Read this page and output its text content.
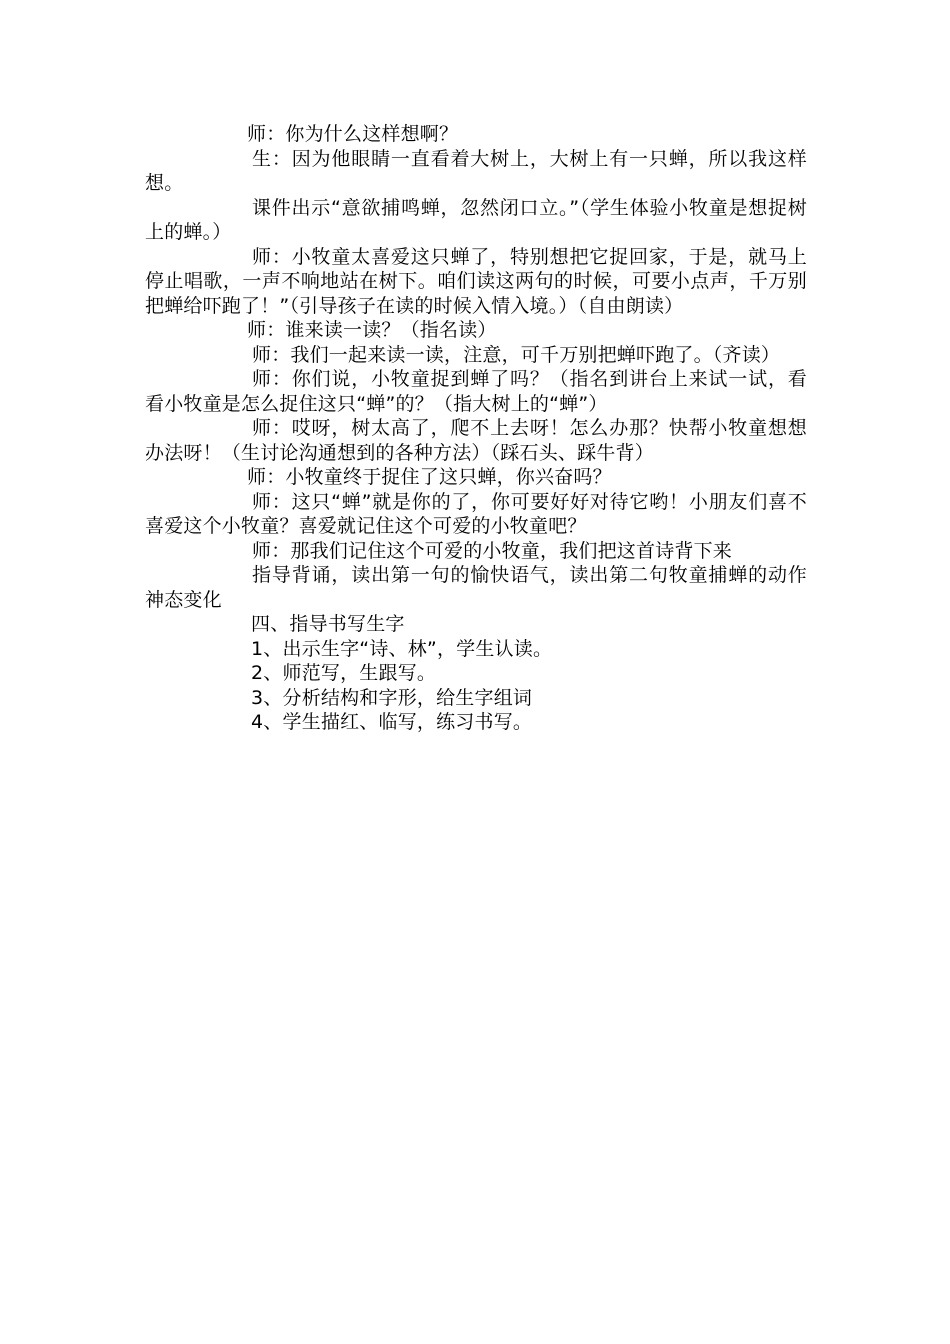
师：你为什么这样想啊？

生：因为他眼睛一直看着大树上，大树上有一只蝉，所以我这样想。

课件出示“意欲捕鸣蝉，忽然闭口立。”（学生体验小牧童是想捉树上的蝉。）

师：小牧童太喜爱这只蝉了，特别想把它捉回家，于是，就马上停止唱歌，一声不响地站在树下。咱们读这两句的时候，可要小点声，千万别把蝉给吓跑了！”（引导孩子在读的时候入情入境。）（自由朗读）

师：谁来读一读？（指名读）

师：我们一起来读一读，注意，可千万别把蝉吓跑了。（齐读）

师：你们说，小牧童捉到蝉了吗？（指名到讲台上来试一试，看看小牧童是怎么捉住这只“蝉”的？（指大树上的“蝉”）

师：哎呀，树太高了，爬不上去呀！怎么办那？快帮小牧童想想办法呀！（生讨论沟通想到的各种方法）（踩石头、踩牛背）

师：小牧童终于捉住了这只蝉，你兴奋吗？

师：这只“蝉”就是你的了，你可要好好对待它哟！小朋友们喜不喜爱这个小牧童？喜爱就记住这个可爱的小牧童吧？

师：那我们记住这个可爱的小牧童，我们把这首诗背下来

指导背诵，读出第一句的愉快语气，读出第二句牧童捕蝉的动作神态变化

四、指导书写生字

1、出示生字“诗、林”，学生认读。

2、师范写，生跟写。

3、分析结构和字形，给生字组词

4、学生描红、临写，练习书写。
